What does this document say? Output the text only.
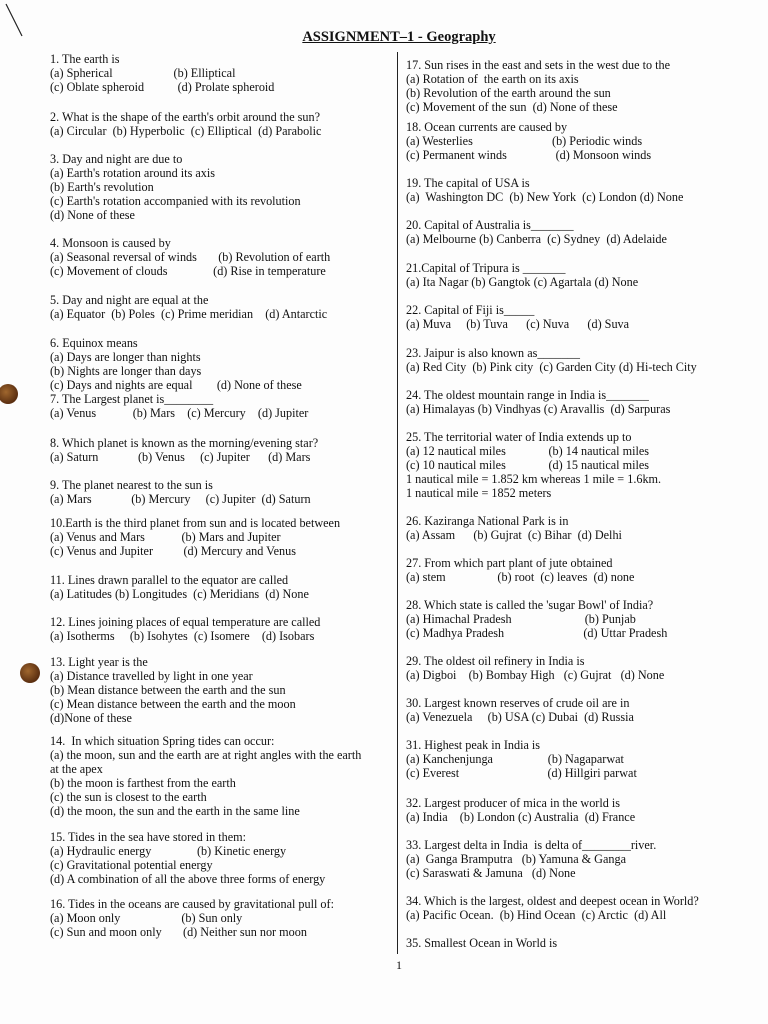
ASSIGNMENT–1 - Geography
1. The earth is
(a) Spherical                    (b) Elliptical
(c) Oblate spheroid           (d) Prolate spheroid
2. What is the shape of the earth's orbit around the sun?
(a) Circular  (b) Hyperbolic  (c) Elliptical  (d) Parabolic
3. Day and night are due to
(a) Earth's rotation around its axis
(b) Earth's revolution
(c) Earth's rotation accompanied with its revolution
(d) None of these
4. Monsoon is caused by
(a) Seasonal reversal of winds       (b) Revolution of earth
(c) Movement of clouds               (d) Rise in temperature
5. Day and night are equal at the
(a) Equator  (b) Poles  (c) Prime meridian    (d) Antarctic
6. Equinox means
(a) Days are longer than nights
(b) Nights are longer than days
(c) Days and nights are equal        (d) None of these
7. The Largest planet is________
(a) Venus            (b) Mars    (c) Mercury    (d) Jupiter
8. Which planet is known as the morning/evening star?
(a) Saturn             (b) Venus     (c) Jupiter      (d) Mars
9. The planet nearest to the sun is
(a) Mars             (b) Mercury     (c) Jupiter  (d) Saturn
10.Earth is the third planet from sun and is located between
(a) Venus and Mars            (b) Mars and Jupiter
(c) Venus and Jupiter          (d) Mercury and Venus
11. Lines drawn parallel to the equator are called
(a) Latitudes (b) Longitudes  (c) Meridians  (d) None
12. Lines joining places of equal temperature are called
(a) Isotherms     (b) Isohytes  (c) Isomere    (d) Isobars
13. Light year is the
(a) Distance travelled by light in one year
(b) Mean distance between the earth and the sun
(c) Mean distance between the earth and the moon
(d)None of these
14.  In which situation Spring tides can occur:
(a) the moon, sun and the earth are at right angles with the earth
at the apex
(b) the moon is farthest from the earth
(c) the sun is closest to the earth
(d) the moon, the sun and the earth in the same line
15. Tides in the sea have stored in them:
(a) Hydraulic energy               (b) Kinetic energy
(c) Gravitational potential energy
(d) A combination of all the above three forms of energy
16. Tides in the oceans are caused by gravitational pull of:
(a) Moon only                    (b) Sun only
(c) Sun and moon only       (d) Neither sun nor moon
17. Sun rises in the east and sets in the west due to the
(a) Rotation of  the earth on its axis
(b) Revolution of the earth around the sun
(c) Movement of the sun  (d) None of these
18. Ocean currents are caused by
(a) Westerlies                          (b) Periodic winds
(c) Permanent winds                (d) Monsoon winds
19. The capital of USA is
(a)  Washington DC  (b) New York  (c) London (d) None
20. Capital of Australia is_______
(a) Melbourne (b) Canberra  (c) Sydney  (d) Adelaide
21.Capital of Tripura is _______
(a) Ita Nagar (b) Gangtok (c) Agartala (d) None
22. Capital of Fiji is_____
(a) Muva     (b) Tuva      (c) Nuva      (d) Suva
23. Jaipur is also known as_______
(a) Red City  (b) Pink city  (c) Garden City (d) Hi-tech City
24. The oldest mountain range in India is_______
(a) Himalayas (b) Vindhyas (c) Aravallis  (d) Sarpuras
25. The territorial water of India extends up to
(a) 12 nautical miles              (b) 14 nautical miles
(c) 10 nautical miles              (d) 15 nautical miles
1 nautical mile = 1.852 km whereas 1 mile = 1.6km.
1 nautical mile = 1852 meters
26. Kaziranga National Park is in
(a) Assam      (b) Gujrat  (c) Bihar  (d) Delhi
27. From which part plant of jute obtained
(a) stem                 (b) root  (c) leaves  (d) none
28. Which state is called the 'sugar Bowl' of India?
(a) Himachal Pradesh                        (b) Punjab
(c) Madhya Pradesh                          (d) Uttar Pradesh
29. The oldest oil refinery in India is
(a) Digboi    (b) Bombay High   (c) Gujrat   (d) None
30. Largest known reserves of crude oil are in
(a) Venezuela     (b) USA (c) Dubai  (d) Russia
31. Highest peak in India is
(a) Kanchenjunga                  (b) Nagaparwat
(c) Everest                             (d) Hillgiri parwat
32. Largest producer of mica in the world is
(a) India    (b) London (c) Australia  (d) France
33. Largest delta in India  is delta of________river.
(a)  Ganga Bramputra   (b) Yamuna & Ganga
(c) Saraswati & Jamuna   (d) None
34. Which is the largest, oldest and deepest ocean in World?
(a) Pacific Ocean.  (b) Hind Ocean  (c) Arctic  (d) All
35. Smallest Ocean in World is
1
